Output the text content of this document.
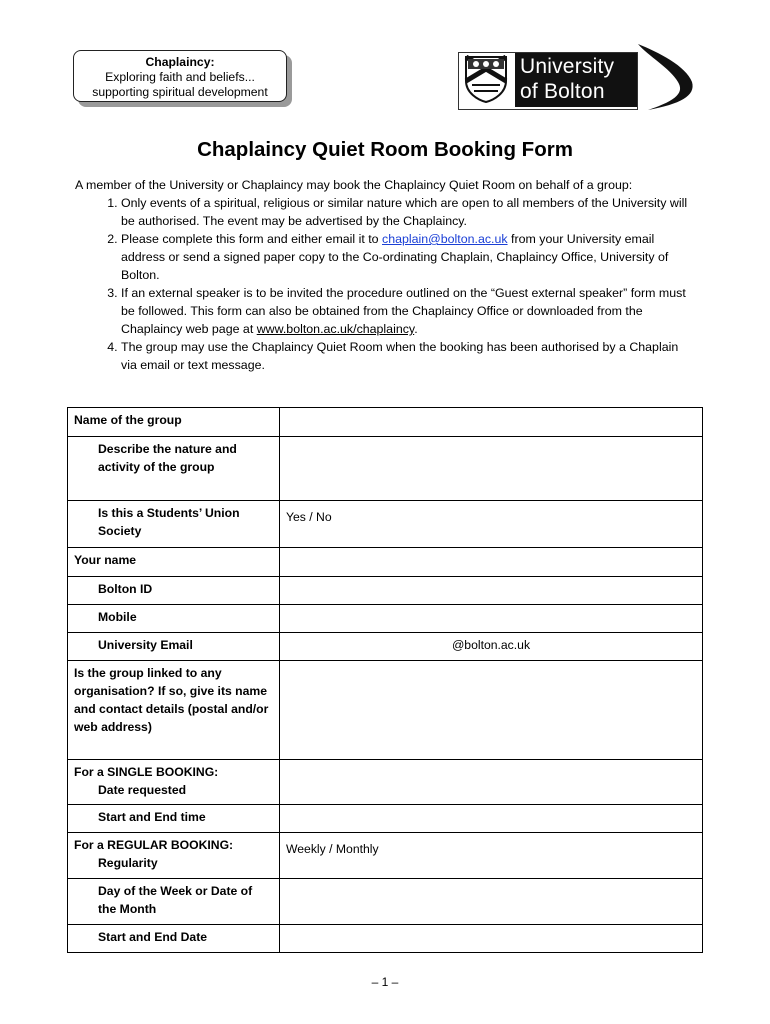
Chaplaincy:
Exploring faith and beliefs...
supporting spiritual development
University
of Bolton
Chaplaincy Quiet Room Booking Form

A member of the University or Chaplaincy may book the Chaplaincy Quiet Room on behalf of a group:

1. Only events of a spiritual, religious or similar nature which are open to all members of the University will be authorised. The event may be advertised by the Chaplaincy.
2. Please complete this form and either email it to chaplain@bolton.ac.uk from your University email address or send a signed paper copy to the Co-ordinating Chaplain, Chaplaincy Office, University of Bolton.
3. If an external speaker is to be invited the procedure outlined on the “Guest external speaker” form must be followed. This form can also be obtained from the Chaplaincy Office or downloaded from the Chaplaincy web page at www.bolton.ac.uk/chaplaincy.
4. The group may use the Chaplaincy Quiet Room when the booking has been authorised by a Chaplain via email or text message.
Name of the group	
Describe the nature and activity of the group	
Is this a Students’ Union Society	Yes / No
Your name	
Bolton ID	
Mobile	
University Email	@bolton.ac.uk
Is the group linked to any organisation? If so, give its name and contact details (postal and/or web address)	

For a SINGLE BOOKING:
Date requested	

Start and End time	

For a REGULAR BOOKING:
Regularity	Weekly / Monthly
Day of the Week or Date of the Month	
Start and End Date	
– 1 –
